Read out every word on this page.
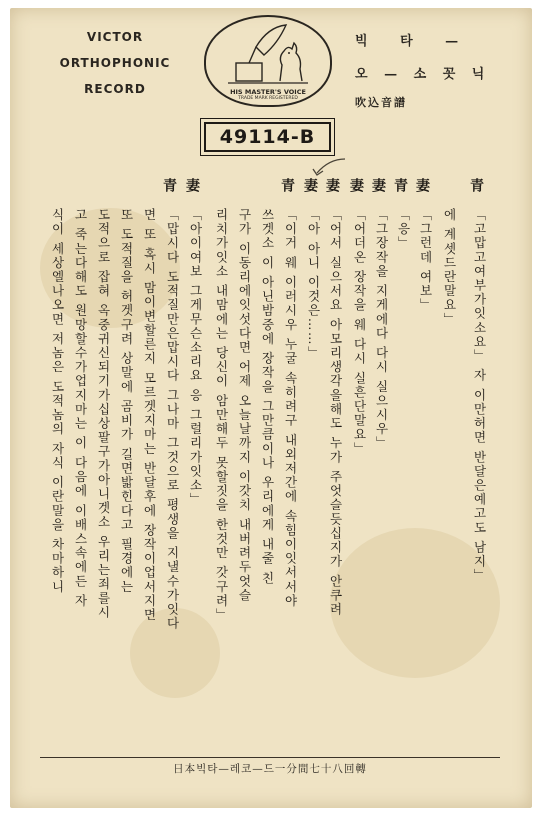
VICTOR
ORTHOPHONIC
RECORD	HIS MASTER'S VOICE
TRADE MARK REGISTERED
빅 타 —
오 — 소 꼿 닉
吹込音譜
49114-B
青
「고맙고여부가잇소요」 자 이만허면 반달은예고도 남지」
에 계셋드란말요」
妻
「그런데 여보」
青
「응」
妻
「그장작을 지게에다 다시 실으시우」
妻
「어더온 장작을 웨 다시 실흔단말요」
妻
「어서 실으서요 아모리생각을해도 누가 주엇슬듯십지가 안쿠려
妻
「아 아니 이것은……」
青
「이거 웨 이러시우 누굴 속히려구 내외저간에 속힘이잇서서야
쓰겟소 이 아닌밤중에 장작을 그만큼이나 우리에게 내줄 친
구가 이동리에잇섯다면 어제 오늘날까지 이갓치 내버려두엇슬
리치가잇소 내맘에는 당신이 암만해두 못할짓을 한것만 갓구려」
妻
「아이여보 그게무슨소리요 응 그럴리가잇소」
青
「맙시다 도적질만은맙시다 그나마 그것으로 평생을 지낼수가잇다
면 또 혹시 맘이변할른지 모르겟지마는 반달후에 장작이업서지면
또 도적질을 허겟구려 상말에 곰비가 길면밟힌다고 필경에는
도적으로 잡혀 옥중귀신되기가십상팔구가아니겟소 우리는죄를시
고 죽는다해도 원망할수가업지마는 이 다음에 이배스속에든 자
식이 세상엘나오면 저놈은 도적놈의 자식 이란말을 차마하니
日本빅타—레코—드一分間七十八回轉
